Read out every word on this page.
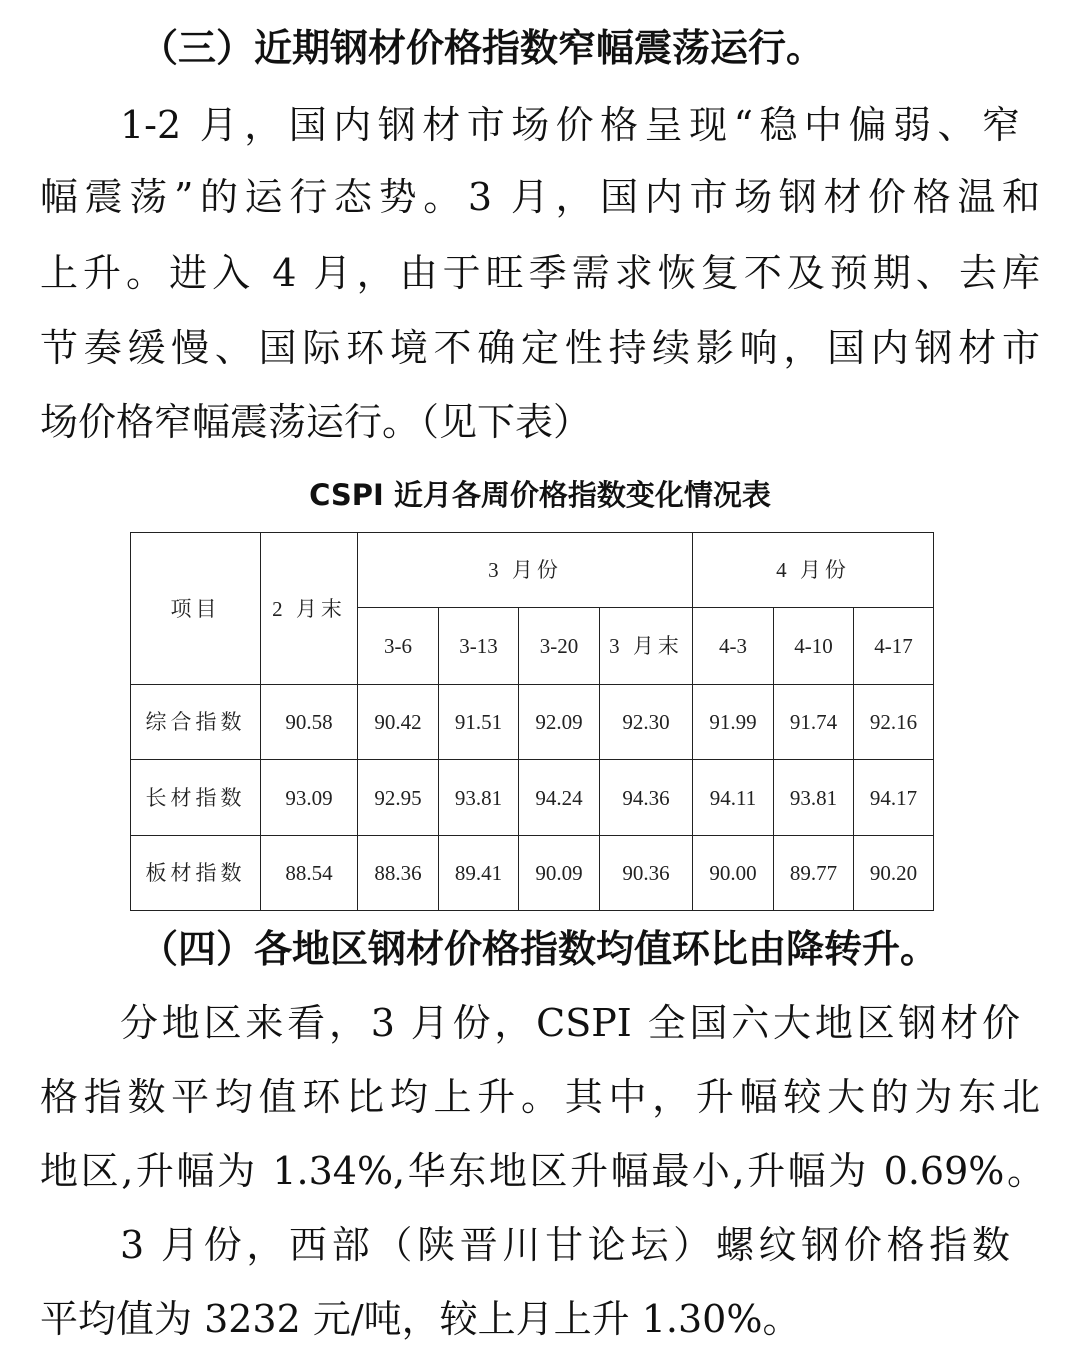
（三）近期钢材价格指数窄幅震荡运行。
1-2 月，国内钢材市场价格呈现“稳中偏弱、窄
幅震荡”的运行态势。3 月，国内市场钢材价格温和
上升。进入 4 月，由于旺季需求恢复不及预期、去库
节奏缓慢、国际环境不确定性持续影响，国内钢材市
场价格窄幅震荡运行。（见下表）
CSPI 近月各周价格指数变化情况表
项目	2 月末	3 月份				4 月份		
		3-6	3-13	3-20	3 月末	4-3	4-10	4-17
综合指数	90.58	90.42	91.51	92.09	92.30	91.99	91.74	92.16
长材指数	93.09	92.95	93.81	94.24	94.36	94.11	93.81	94.17
板材指数	88.54	88.36	89.41	90.09	90.36	90.00	89.77	90.20
（四）各地区钢材价格指数均值环比由降转升。
分地区来看，3 月份，CSPI 全国六大地区钢材价
格指数平均值环比均上升。其中，升幅较大的为东北
地区,升幅为 1.34%,华东地区升幅最小,升幅为 0.69%。
3 月份，西部（陕晋川甘论坛）螺纹钢价格指数
平均值为 3232 元/吨，较上月上升 1.30%。
